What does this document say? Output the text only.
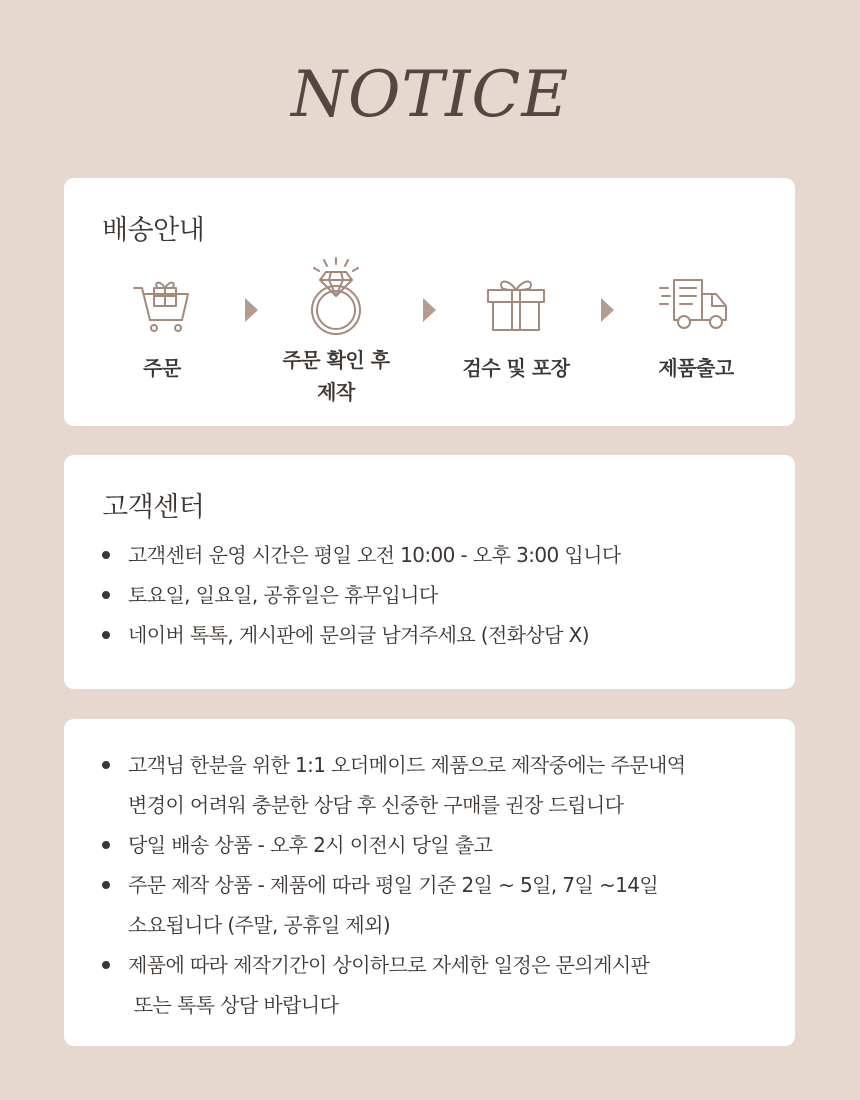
NOTICE
배송안내
주문	주문 확인 후
제작
검수 및 포장	제품출고
고객센터
고객센터 운영 시간은 평일 오전 10:00 - 오후 3:00 입니다
토요일, 일요일, 공휴일은 휴무입니다
네이버 톡톡, 게시판에 문의글 남겨주세요 (전화상담 X)
고객님 한분을 위한 1:1 오더메이드 제품으로 제작중에는 주문내역
변경이 어려워 충분한 상담 후 신중한 구매를 권장 드립니다
당일 배송 상품 - 오후 2시 이전시 당일 출고
주문 제작 상품 - 제품에 따라 평일 기준 2일 ~ 5일, 7일 ~14일
소요됩니다 (주말, 공휴일 제외)
제품에 따라 제작기간이 상이하므로 자세한 일정은 문의게시판
또는 톡톡 상담 바랍니다
